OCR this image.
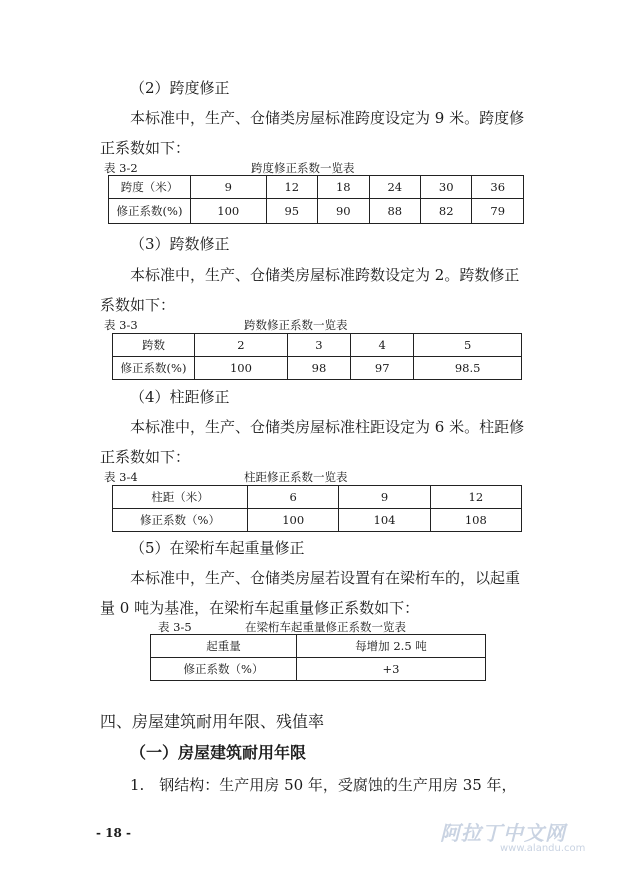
（2）跨度修正
本标准中，生产、仓储类房屋标准跨度设定为 9 米。跨度修
正系数如下：
表 3-2	跨度修正系数一览表
跨度（米）	9	12	18	24	30	36
修正系数(%)	100	95	90	88	82	79
（3）跨数修正
本标准中，生产、仓储类房屋标准跨数设定为 2。跨数修正
系数如下：
表 3-3	跨数修正系数一览表
跨数	2	3	4	5
修正系数(%)	100	98	97	98.5
（4）柱距修正
本标准中，生产、仓储类房屋标准柱距设定为 6 米。柱距修
正系数如下：
表 3-4	柱距修正系数一览表
柱距（米）	6	9	12
修正系数（%）	100	104	108
（5）在梁桁车起重量修正
本标准中，生产、仓储类房屋若设置有在梁桁车的，以起重
量 0 吨为基准，在梁桁车起重量修正系数如下：
表 3-5	在梁桁车起重量修正系数一览表
起重量	每增加 2.5 吨
修正系数（%）	+3
四、房屋建筑耐用年限、残值率
（一）房屋建筑耐用年限
1.　钢结构：生产用房 50 年，受腐蚀的生产用房 35 年，
- 18 -	阿拉丁中文网
www.alandu.com
